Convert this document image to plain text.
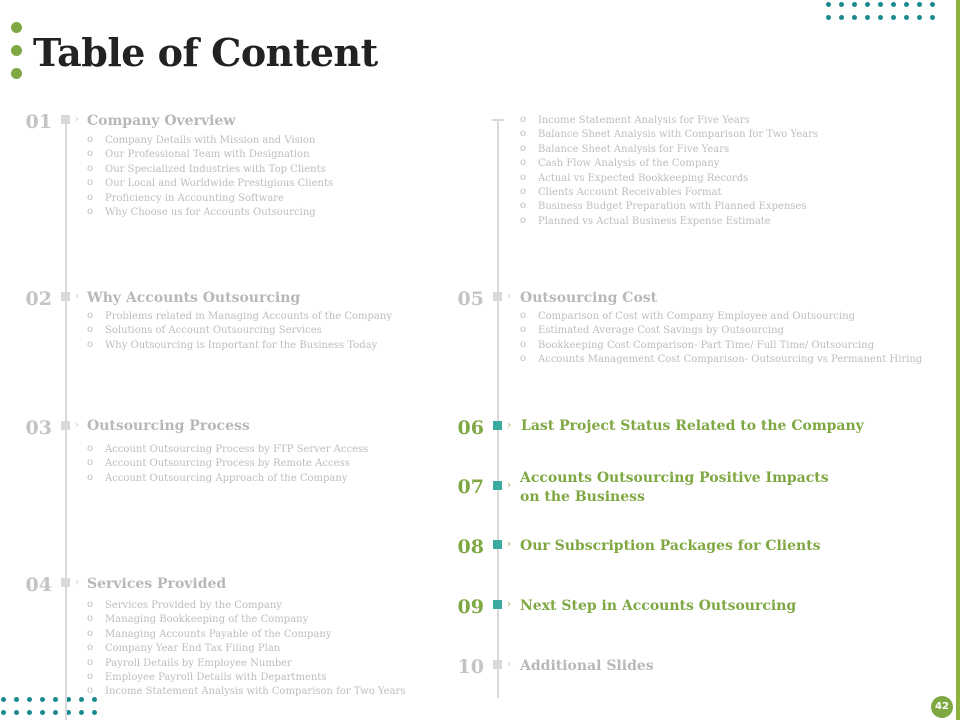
Table of Content
01 › Company Overview
o Company Details with Mission and Vision
o Our Professional Team with Designation
o Our Specialized Industries with Top Clients
o Our Local and Worldwide Prestigious Clients
o Proficiency in Accounting Software
o Why Choose us for Accounts Outsourcing
02 › Why Accounts Outsourcing
o Problems related in Managing Accounts of the Company
o Solutions of Account Outsourcing Services
o Why Outsourcing is Important for the Business Today
03 › Outsourcing Process
o Account Outsourcing Process by FTP Server Access
o Account Outsourcing Process by Remote Access
o Account Outsourcing Approach of the Company
04 › Services Provided
o Services Provided by the Company
o Managing Bookkeeping of the Company
o Managing Accounts Payable of the Company
o Company Year End Tax Filing Plan
o Payroll Details by Employee Number
o Employee Payroll Details with Departments
o Income Statement Analysis with Comparison for Two Years
o Income Statement Analysis for Five Years
o Balance Sheet Analysis with Comparison for Two Years
o Balance Sheet Analysis for Five Years
o Cash Flow Analysis of the Company
o Actual vs Expected Bookkeeping Records
o Clients Account Receivables Format
o Business Budget Preparation with Planned Expenses
o Planned vs Actual Business Expense Estimate
05 › Outsourcing Cost
o Comparison of Cost with Company Employee and Outsourcing
o Estimated Average Cost Savings by Outsourcing
o Bookkeeping Cost Comparison- Part Time/ Full Time/ Outsourcing
o Accounts Management Cost Comparison- Outsourcing vs Permanent Hiring
06 › Last Project Status Related to the Company
07 › Accounts Outsourcing Positive Impacts on the Business
08 › Our Subscription Packages for Clients
09 › Next Step in Accounts Outsourcing
10 › Additional Slides
42
